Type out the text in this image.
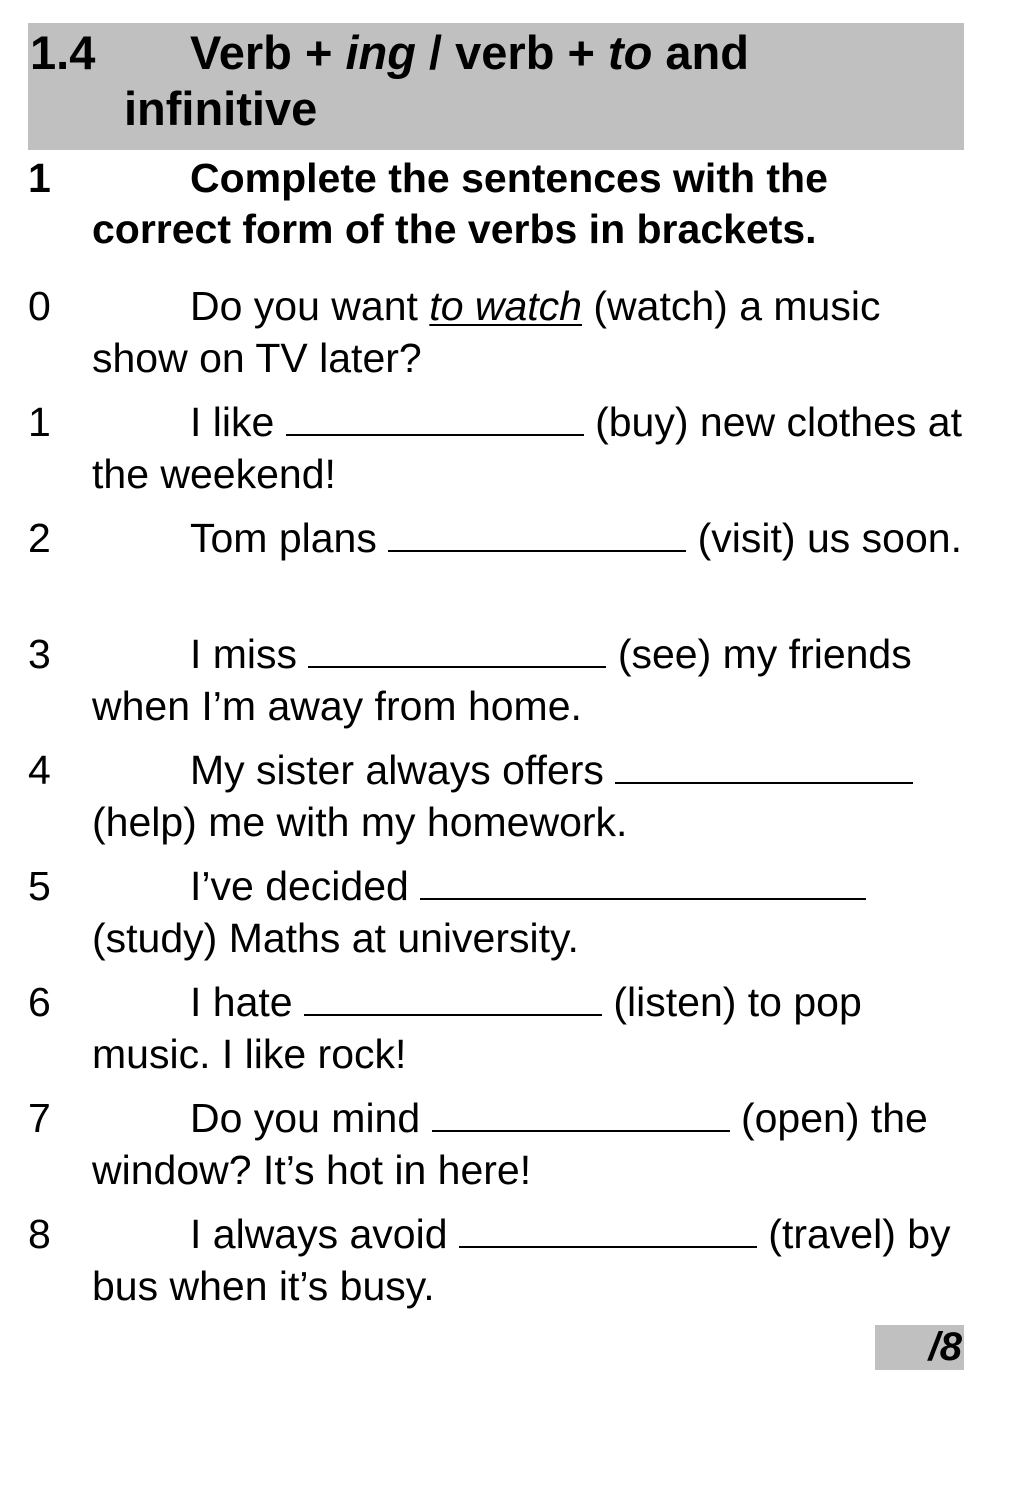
1.4	Verb + ing / verb + to and infinitive
1	Complete the sentences with the correct form of the verbs in brackets.
0	Do you want to watch (watch) a music show on TV later?
1	I like	(buy) new clothes at the weekend!
2	Tom plans	(visit) us soon.
3	I miss	(see) my friends when I’m away from home.
4	My sister always offers  (help) me with my homework.
5	I’ve decided  (study) Maths at university.
6	I hate	(listen) to pop music. I like rock!
7	Do you mind	(open) the window? It’s hot in here!
8	I always avoid	(travel) by bus when it’s busy.
/8
